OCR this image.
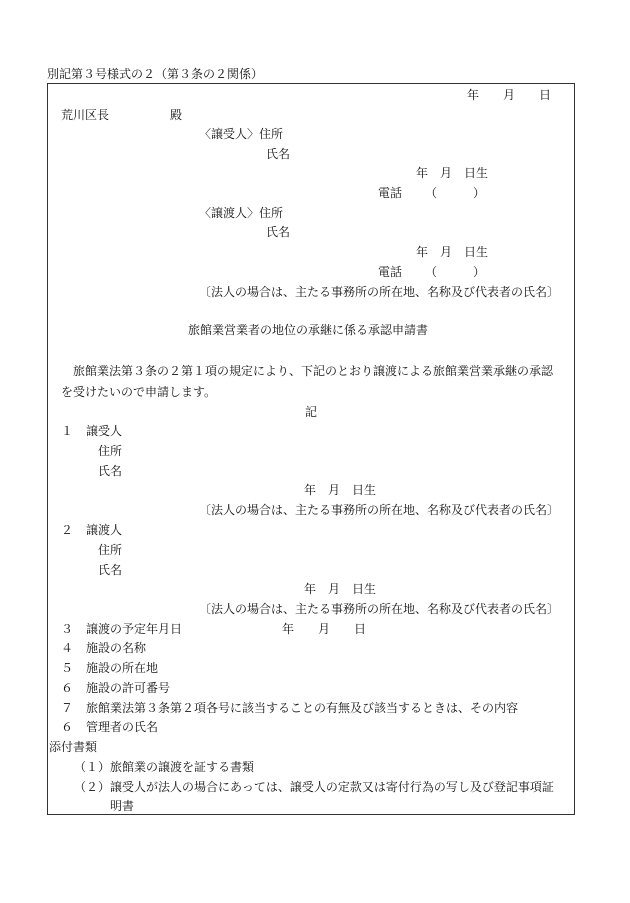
別記第３号様式の２（第３条の２関係）
年 月 日
荒川区長	殿
〈譲受人〉住所
氏名
年　月　日生
電話 （　　　）
〈譲渡人〉住所
氏名
年　月　日生
電話 （　　　）
〔法人の場合は、主たる事務所の所在地、名称及び代表者の氏名〕
旅館業営業者の地位の承継に係る承認申請書
旅館業法第３条の２第１項の規定により、下記のとおり譲渡による旅館業営業承継の承認
を受けたいので申請します。
記
１ 譲受人
住所
氏名
年　月　日生
〔法人の場合は、主たる事務所の所在地、名称及び代表者の氏名〕
２ 譲渡人
住所
氏名
年　月　日生
〔法人の場合は、主たる事務所の所在地、名称及び代表者の氏名〕
３ 譲渡の予定年月日	年 月 日
４ 施設の名称
５ 施設の所在地
６ 施設の許可番号
７ 旅館業法第３条第２項各号に該当することの有無及び該当するときは、その内容
６ 管理者の氏名
添付書類
（１） 旅館業の譲渡を証する書類
（２） 譲受人が法人の場合にあっては、譲受人の定款又は寄付行為の写し及び登記事項証
明書
